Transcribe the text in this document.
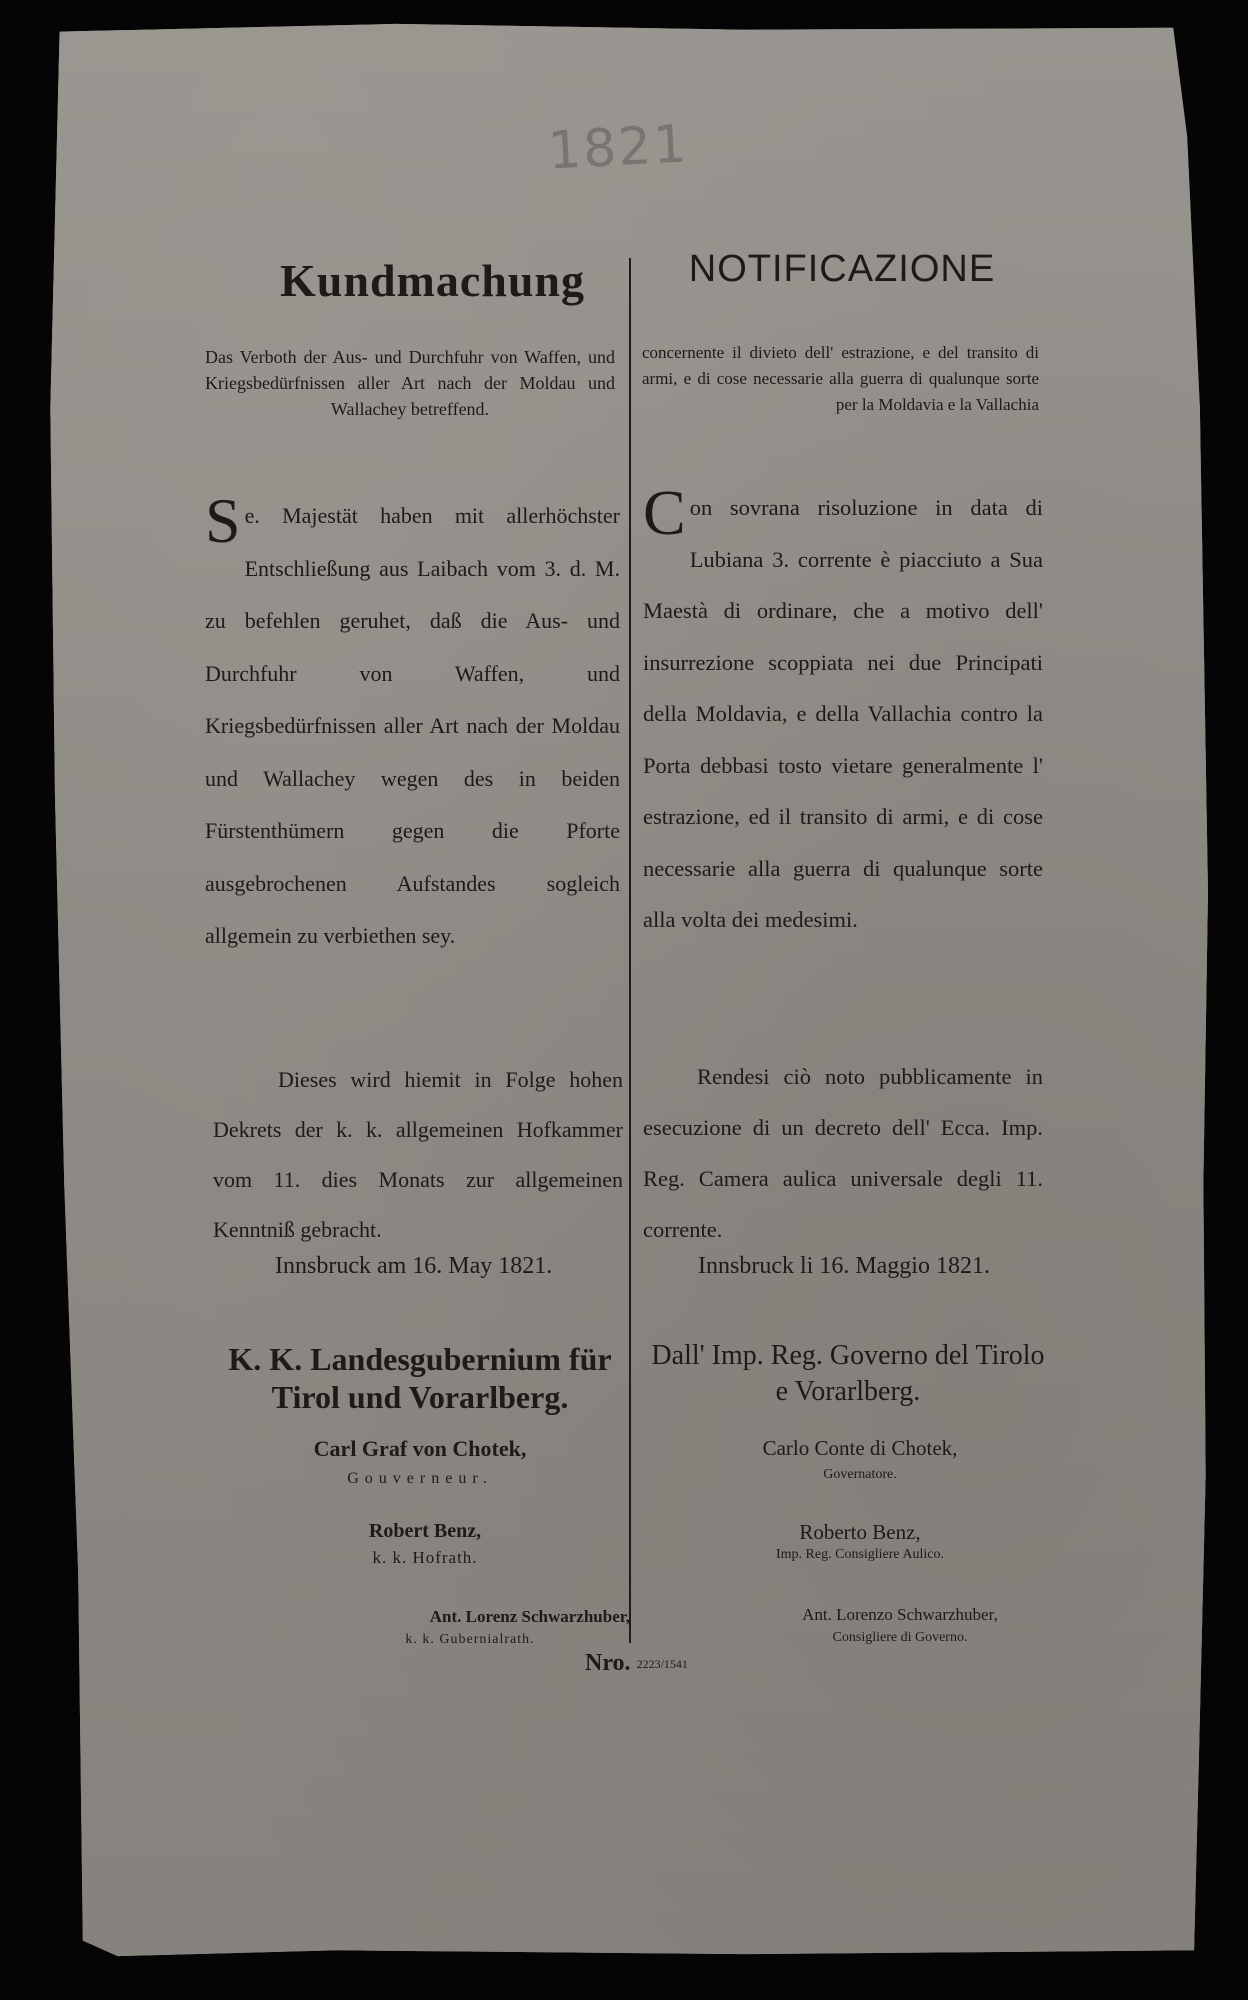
1821
Kundmachung
Das Verboth der Aus- und Durchfuhr von Waffen, und Kriegsbedürfnissen aller Art nach der Moldau und Wallachey betreffend.
Se. Majestät haben mit allerhöchster Entschließung aus Laibach vom 3. d. M. zu befehlen geruhet, daß die Aus- und Durchfuhr von Waffen, und Kriegsbedürfnissen aller Art nach der Moldau und Wallachey wegen des in beiden Fürstenthümern gegen die Pforte ausgebrochenen Aufstandes sogleich allgemein zu verbiethen sey.
Dieses wird hiemit in Folge hohen Dekrets der k. k. allgemeinen Hofkammer vom 11. dies Monats zur allgemeinen Kenntniß gebracht.
Innsbruck am 16. May 1821.
K. K. Landesgubernium für Tirol und Vorarlberg.
Carl Graf von Chotek,
Gouverneur.
Robert Benz,
k. k. Hofrath.
Ant. Lorenz Schwarzhuber,
k. k. Gubernialrath.
NOTIFICAZIONE
concernente il divieto dell' estrazione, e del transito di armi, e di cose necessarie alla guerra di qualunque sorte per la Moldavia e la Vallachia
Con sovrana risoluzione in data di Lubiana 3. corrente è piacciuto a Sua Maestà di ordinare, che a motivo dell' insurrezione scoppiata nei due Principati della Moldavia, e della Vallachia contro la Porta debbasi tosto vietare generalmente l' estrazione, ed il transito di armi, e di cose necessarie alla guerra di qualunque sorte alla volta dei medesimi.
Rendesi ciò noto pubblicamente in esecuzione di un decreto dell' Ecca. Imp. Reg. Camera aulica universale degli 11. corrente.
Innsbruck li 16. Maggio 1821.
Dall' Imp. Reg. Governo del Tirolo e Vorarlberg.
Carlo Conte di Chotek,
Governatore.
Roberto Benz,
Imp. Reg. Consigliere Aulico.
Ant. Lorenzo Schwarzhuber,
Consigliere di Governo.
Nro. 2223/1541
